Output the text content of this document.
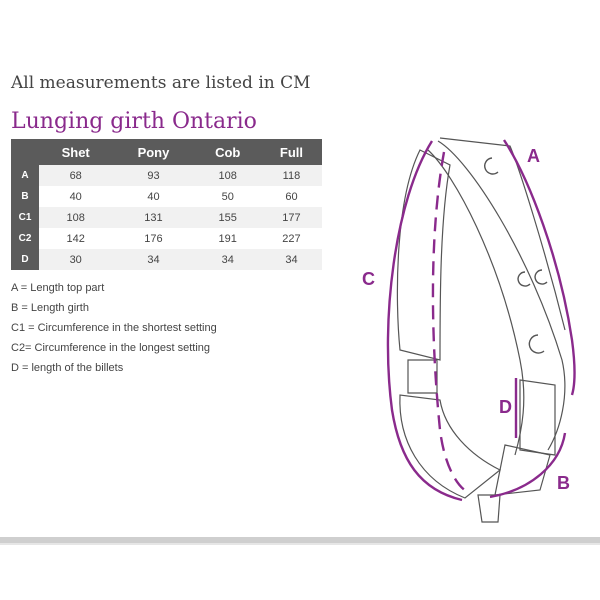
All measurements are listed in CM
Lunging girth Ontario
	Shet	Pony	Cob	Full
A	68	93	108	118
B	40	40	50	60
C1	108	131	155	177
C2	142	176	191	227
D	30	34	34	34
A = Length top part
B = Length girth
C1 = Circumference in the shortest setting
C2= Circumference in the longest setting
D = length of the billets
A
B
C
D
